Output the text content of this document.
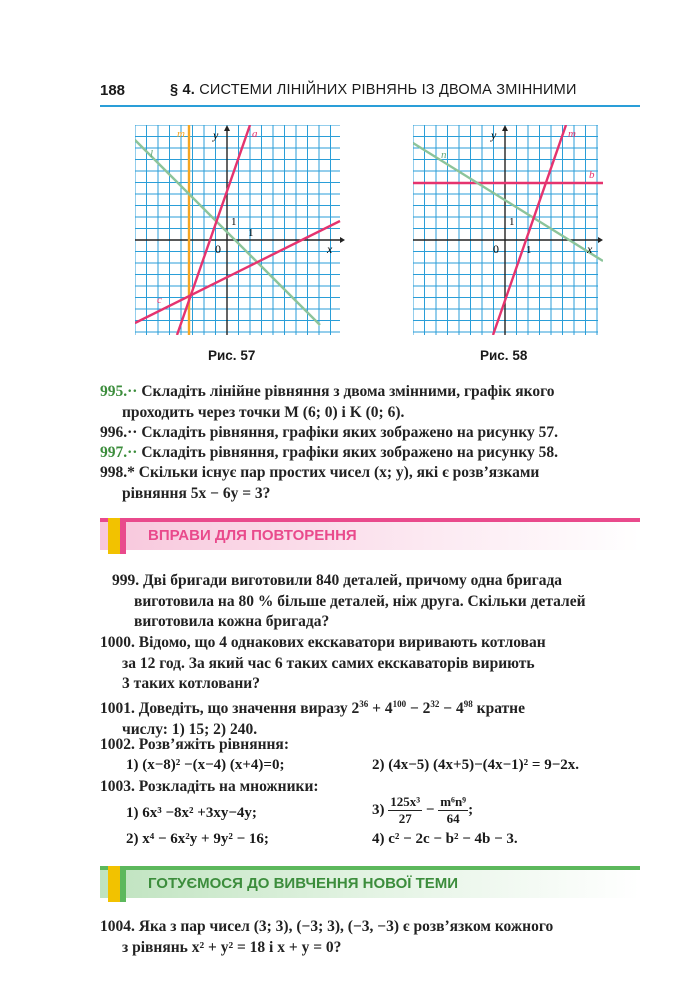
188	§ 4. СИСТЕМИ ЛІНІЙНИХ РІВНЯНЬ ІЗ ДВОМА ЗМІННИМИ
m	a
l
c
x
y
0
1
1
Рис. 57
m
b
n
x
y
0 1
1
Рис. 58
995.·· Складіть лінійне рівняння з двома змінними, графік якого
проходить через точки M (6; 0) і K (0; 6).
996.·· Складіть рівняння, графіки яких зображено на рисунку 57.
997.·· Складіть рівняння, графіки яких зображено на рисунку 58.
998.* Скільки існує пар простих чисел (x; y), які є розв’язками
рівняння 5x − 6y = 3?
ВПРАВИ ДЛЯ ПОВТОРЕННЯ
999. Дві бригади виготовили 840 деталей, причому одна бригада
виготовила на 80 % більше деталей, ніж друга. Скільки деталей
виготовила кожна бригада?
1000. Відомо, що 4 однакових екскаватори виривають котлован
за 12 год. За який час 6 таких самих екскаваторів вириють
3 таких котловани?
1001. Доведіть, що значення виразу $2^{36} + 4^{100} - 2^{32} - 4^{98}$ кратне
числу: 1) 15; 2) 240.
1002. Розв’яжіть рівняння:
1) (x−8)² −(x−4) (x+4)=0;	2) (4x−5) (4x+5)−(4x−1)² = 9−2x.
1003. Розкладіть на множники:
1) 6x³ −8x² +3xy−4y;	$3) \frac{\text{125x³}}{27} - \frac{\text{m⁶n⁹}}{64}$ ;
2) x⁴ − 6x²y + 9y² − 16;	4) c² − 2c − b² − 4b − 3.
ГОТУЄМОСЯ ДО ВИВЧЕННЯ НОВОЇ ТЕМИ
1004. Яка з пар чисел (3; 3), (−3; 3), (−3, −3) є розв’язком кожного
з рівнянь x² + y² = 18 і x + y = 0?
